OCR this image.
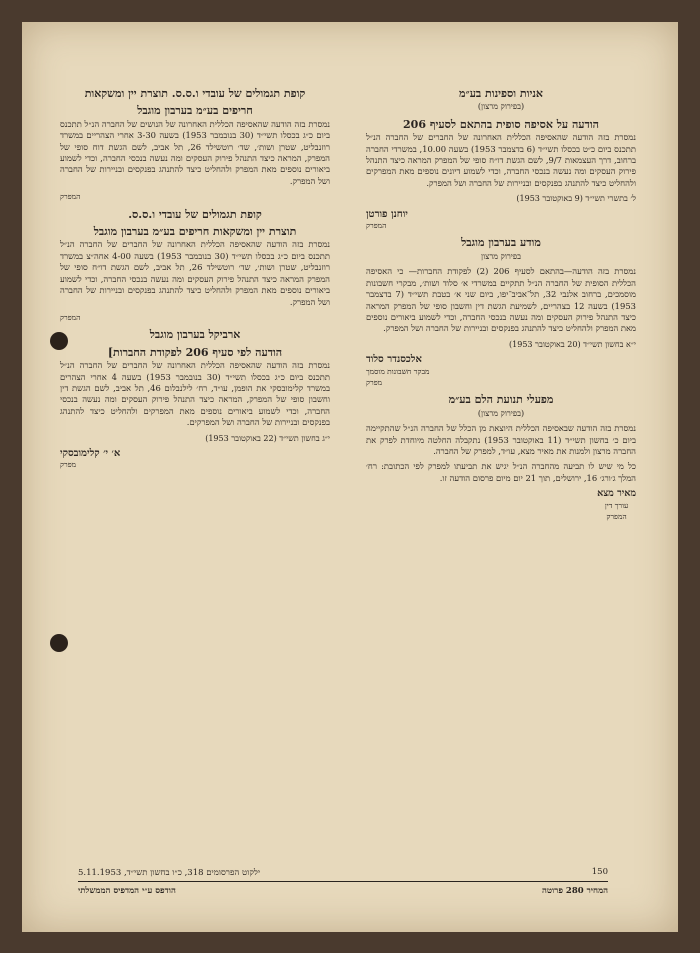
אניות וספינות בע״מ
(בפירוק מרצון)
הודעה על אסיפה סופית בהתאם לסעיף 206

נמסרת בזה הודעה שהאסיפה הכללית האחרונה של החברים של החברה הנ״ל תתכנס ביום כ״ט בכסלו תשי״ד (6 בדצמבר 1953) בשעה 10.00, במשרדי החברה ברחוב, דרך העצמאות 9/7, לשם הגשת דו״ח סופי של המפרק המראה כיצד התנהל פירוק העסקים ומה נעשה בנכסי החברה, וכדי לשמוע דיונים נוספים מאת המפרקים ולהחליט כיצד להתנהג בפנקסים ובניירות של החברה ושל המפרק.

ל׳ בתשרי תשי״ד (9 באוקטובר 1953)
יוחנן פורטן
המפרק
מודע בערבון מוגבל
בפירוק מרצון

נמסרת בזה הודעה—בהתאם לסעיף 206 (2) לפקודת החברות— כי האסיפה הכללית הסופית של החברה הנ״ל תתקיים במשרדי א׳ סלוד ושות׳, מבקרי חשבונות מוסמכים, ברחוב אלנבי 32, תל־אביב־יפו, ביום שני א׳ בטבת תשי״ד (7 בדצמבר 1953) בשעה 12 בצהריים, לשמיעת הגשת דין וחשבון סופי של המפרק המראה כיצד התנהל פירוק העסקים ומה נעשה בנכסי החברה, וכדי לשמוע ביאורים נוספים מאת המפרק ולהחליט כיצד להתנהג בפנקסים ובניירות של החברה ושל המפרק.

י״א בחשון תשי״ד (20 באוקטובר 1953)
אלכסנדר סלוד
מבקר חשבונות מוסמך
מפרק
מפעלי תנועת הלם בע״מ
(בפירוק מרצון)

נמסרת בזה הודעה שבאסיפה הכללית היוצאת מן הכלל של החברה הנ״ל שהתקיימה ביום כ׳ בחשון תשי״ד (11 באוקטובר 1953) נתקבלה החלטה מיוחדת לפרק את החברה מרצון ולמנות את מאיר מצא, עו״ד, למפרק של החברה.

כל מי שיש לו תביעה מהחברה הנ״ל יגיש את תביעתו למפרק לפי הכתובת: רח׳ המלך ג׳ורג׳ 16, ירושלים, תוך 21 יום מיום פרסום הודעה זו.

מאיר מצא
עורך דין
המפרק
קופת תגמולים של עובדי ו.ס.ס. תוצרת יין ומשקאות
חריפים בע״מ בערבון מוגבל

נמסרת בזה הודעה שהאסיפה הכללית האחרונה של הנושים של החברה הנ״ל תתכנס ביום כ״ג בכסלו תשי״ד (30 בנובמבר 1953) בשעה 3-30 אחרי הצהריים במשרד רוזנבליט, שטרן ושות׳, שד׳ רוטשילד 26, תל אביב, לשם הגשת דוח סופי של המפרק, המראה כיצד התנהל פירוק העסקים ומה נעשה בנכסי החברה, וכדי לשמוע ביאורים נוספים מאת המפרק ולהחליט כיצד להתנהג בפנקסים ובניירות של החברה ושל המפרק.

המפרק
קופת תגמולים של עובדי ו.ס.ס.
תוצרת יין ומשקאות חריפים בע״מ בערבון מוגבל

נמסרת בזה הודעה שהאסיפה הכללית האחרונה של החברים של החברה הנ״ל תתכנס ביום כ״ג בכסלו תשי״ד (30 בנובמבר 1953) בשעה 4-00 אחה״צ במשרד רוזנבליט, שטרן ושות׳, שד׳ רוטשילד 26, תל אביב, לשם הגשת דו״ח סופי של המפרק המראה כיצד התנהל פירוק העסקים ומה נעשה בנכסי החברה, וכדי לשמוע ביאורים נוספים מאת המפרק ולהחליט כיצד להתנהג בפנקסים ובניירות של החברה ושל המפרק.

המפרק
ארביקל בערבון מוגבל
הודעה לפי סעיף 206 לפקודת החברות]

נמסרת בזה הודעה שהאסיפה הכללית האחרונה של החברים של החברה הנ״ל תתכנס ביום כ״ג בכסלו תשי״ד (30 בנובמבר 1953) בשעה 4 אחרי הצהרים במשרד קלימובסקי את הופמן, עו״ד, רח׳ לילנבלום 46, תל אביב, לשם הגשת דין וחשבון סופי של המפרק, המראה כיצד התנהל פירוק העסקים ומה נעשה בנכסי החברה, וכדי לשמוע ביאורים נוספים מאת המפרקים ולהחליט כיצד להתנהג בפנקסים ובניירות של החברה ושל המפרקים.

י״ג בחשון תשי״ד (22 באוקטובר 1953)
א׳ י׳ קלימובסקי
מפרק
150
ילקוט הפרסומים 318, כ״ו בחשון תשי״ד, 5.11.1953
המחיר 280 פרוטה
הודפס ע״י המדפיס הממשלתי
